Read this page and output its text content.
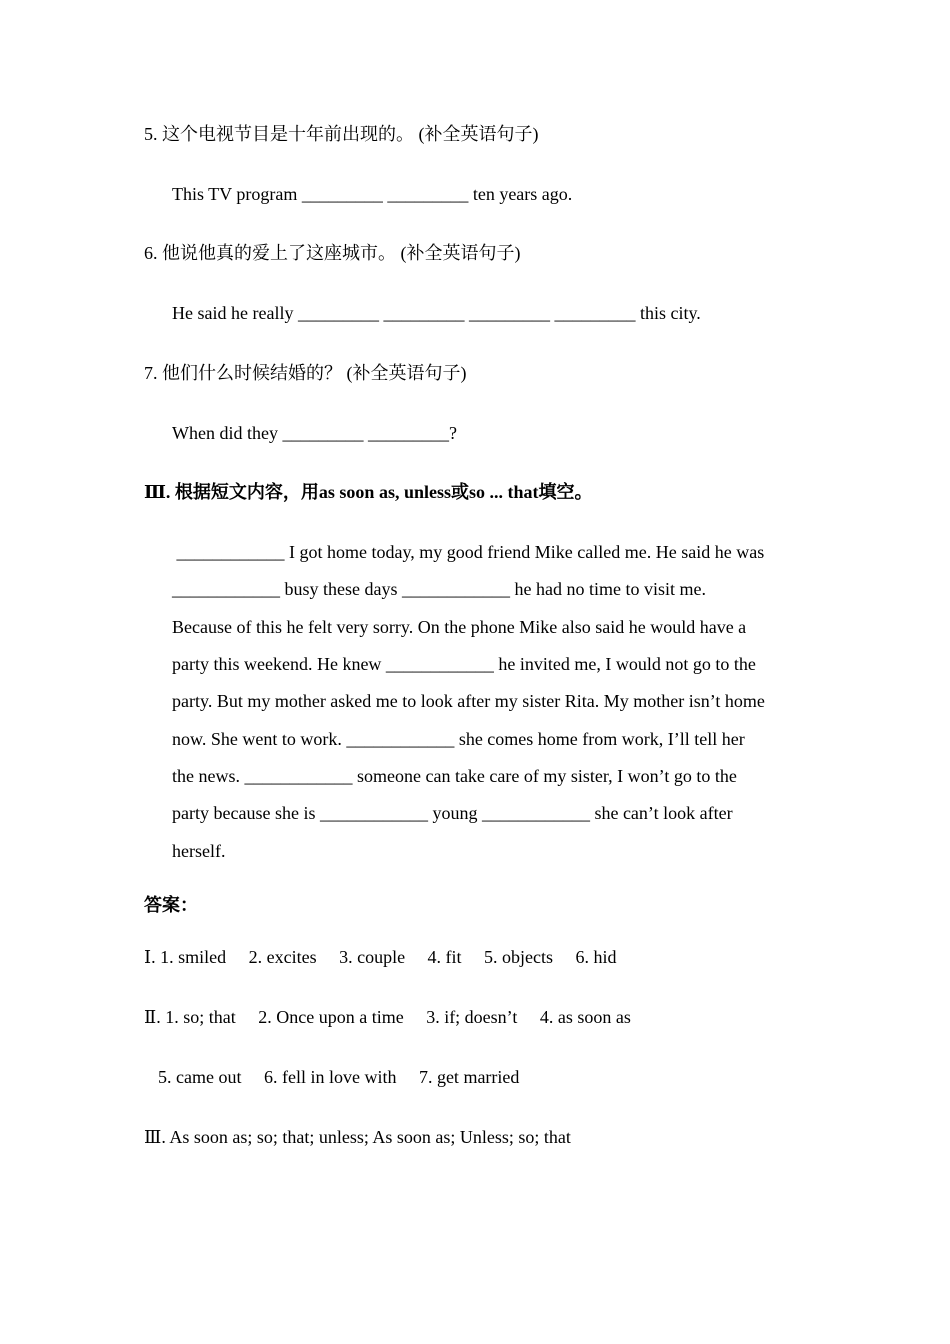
5. 这个电视节目是十年前出现的。 (补全英语句子)
This TV program _________ _________ ten years ago.
6. 他说他真的爱上了这座城市。 (补全英语句子)
He said he really _________ _________ _________ _________ this city.
7. 他们什么时候结婚的？ (补全英语句子)
When did they _________ _________?
Ⅲ. 根据短文内容，用as soon as, unless或so ... that填空。
____________ I got home today, my good friend Mike called me. He said he was
____________ busy these days ____________ he had no time to visit me.
Because of this he felt very sorry. On the phone Mike also said he would have a
party this weekend. He knew ____________ he invited me, I would not go to the
party. But my mother asked me to look after my sister Rita. My mother isn’t home
now. She went to work. ____________ she comes home from work, I’ll tell her
the news. ____________ someone can take care of my sister, I won’t go to the
party because she is ____________ young ____________ she can’t look after
herself.
答案：
Ⅰ. 1. smiled     2. excites     3. couple     4. fit     5. objects     6. hid
Ⅱ. 1. so; that     2. Once upon a time     3. if; doesn’t     4. as soon as
5. came out     6. fell in love with     7. get married
Ⅲ. As soon as; so; that; unless; As soon as; Unless; so; that
